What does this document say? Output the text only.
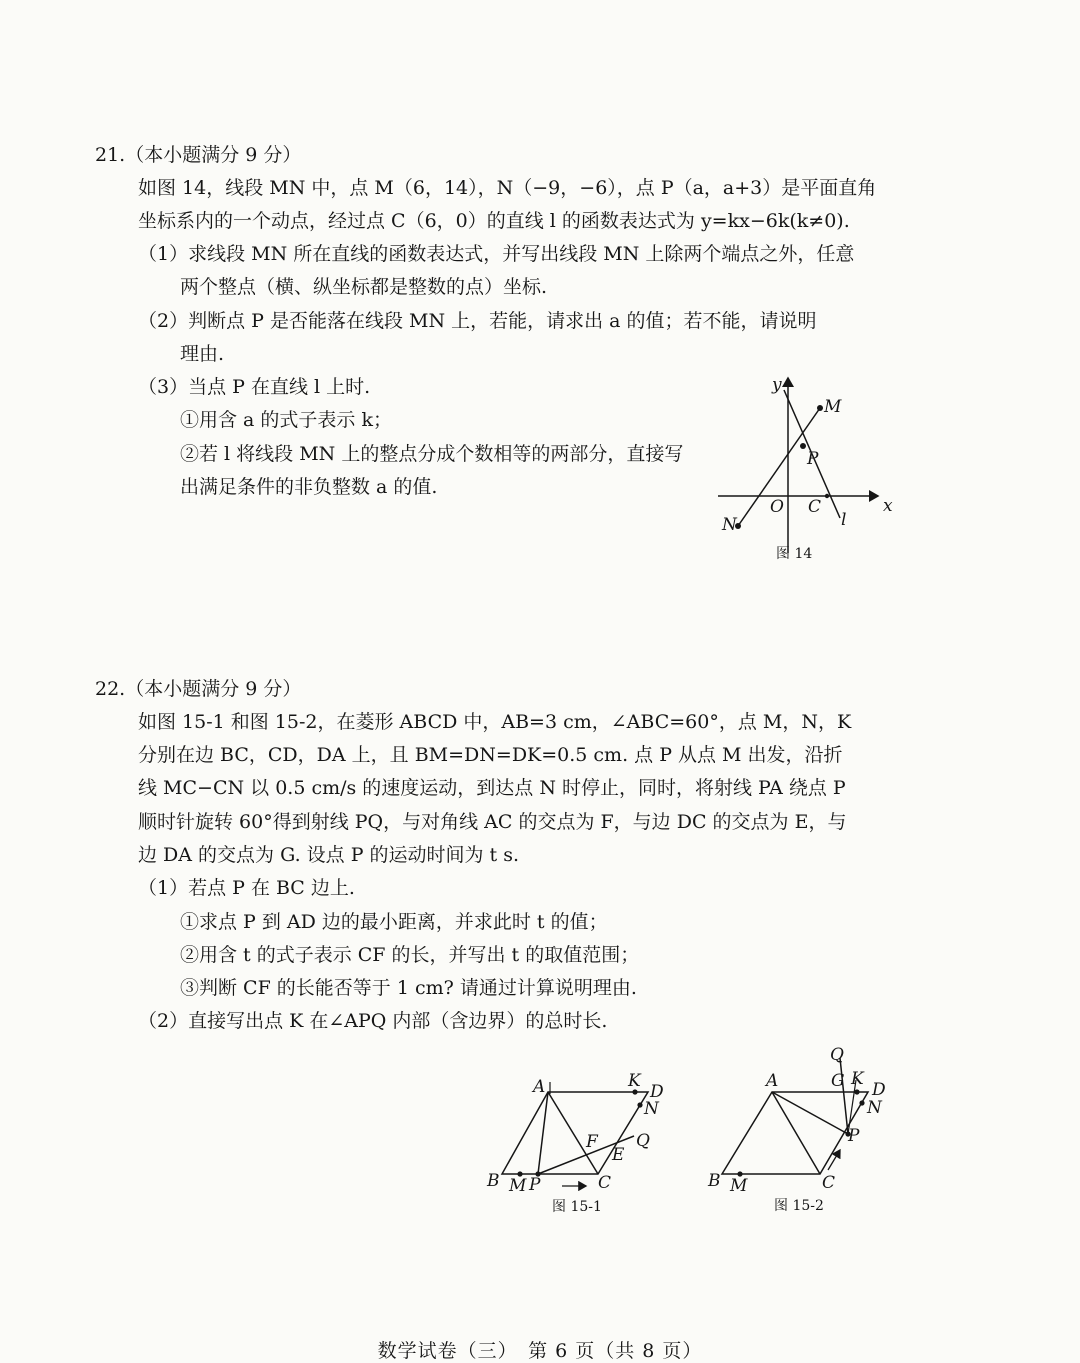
21.（本小题满分 9 分）
如图 14，线段 MN 中，点 M（6，14），N（−9，−6），点 P（a，a+3）是平面直角
坐标系内的一个动点，经过点 C（6，0）的直线 l 的函数表达式为 y=kx−6k(k≠0).
（1）求线段 MN 所在直线的函数表达式，并写出线段 MN 上除两个端点之外，任意
两个整点（横、纵坐标都是整数的点）坐标.
（2）判断点 P 是否能落在线段 MN 上，若能，请求出 a 的值；若不能，请说明
理由.
（3）当点 P 在直线 l 上时.
①用含 a 的式子表示 k；
②若 l 将线段 MN 上的整点分成个数相等的两部分，直接写
出满足条件的非负整数 a 的值.
y
x
M
P
O C
l
N
图 14
22.（本小题满分 9 分）
如图 15-1 和图 15-2，在菱形 ABCD 中，AB=3 cm，∠ABC=60°，点 M，N，K
分别在边 BC，CD，DA 上，且 BM=DN=DK=0.5 cm. 点 P 从点 M 出发，沿折
线 MC−CN 以 0.5 cm/s 的速度运动，到达点 N 时停止，同时，将射线 PA 绕点 P
顺时针旋转 60°得到射线 PQ，与对角线 AC 的交点为 F，与边 DC 的交点为 E，与
边 DA 的交点为 G. 设点 P 的运动时间为 t s.
（1）若点 P 在 BC 边上.
①求点 P 到 AD 边的最小距离，并求此时 t 的值；
②用含 t 的式子表示 CF 的长，并写出 t 的取值范围；
③判断 CF 的长能否等于 1 cm? 请通过计算说明理由.
（2）直接写出点 K 在∠APQ 内部（含边界）的总时长.
A	K
D
N
F Q
E
B M P	C
图 15-1
Q
A	G K
D
N
P
B M	C
图 15-2
数学试卷（三）　第 6 页（共 8 页）
